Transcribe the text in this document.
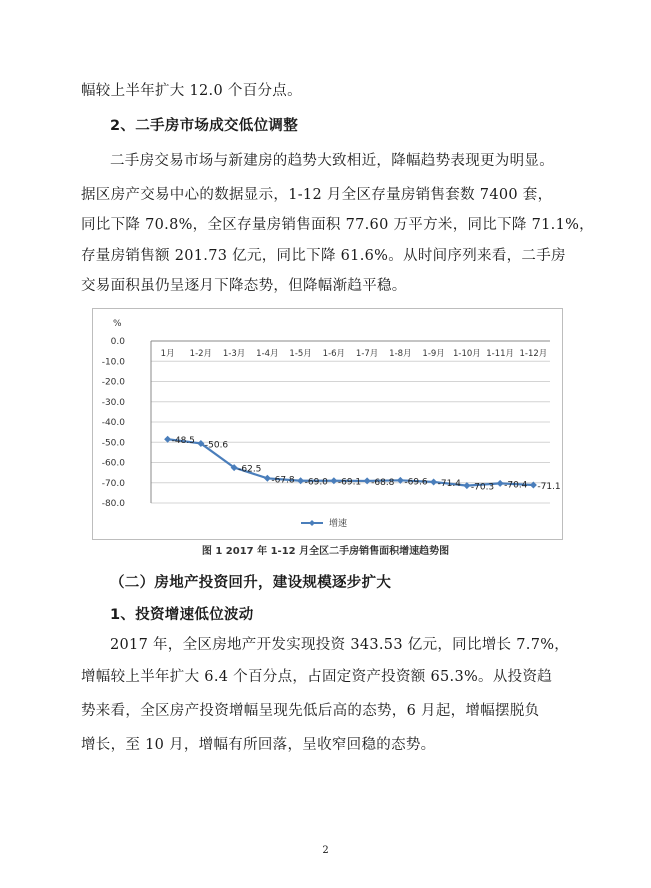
幅较上半年扩大 12.0 个百分点。

2、二手房市场成交低位调整

二手房交易市场与新建房的趋势大致相近，降幅趋势表现更为明显。

据区房产交易中心的数据显示，1-12 月全区存量房销售套数 7400 套，

同比下降 70.8%，全区存量房销售面积 77.60 万平方米，同比下降 71.1%，

存量房销售额 201.73 亿元，同比下降 61.6%。从时间序列来看，二手房

交易面积虽仍呈逐月下降态势，但降幅渐趋平稳。

%
0.0
-10.0
-20.0
-30.0
-40.0
-50.0
-60.0
-70.0
-80.0
1月 1-2月 1-3月 1-4月 1-5月 1-6月 1-7月 1-8月 1-9月 1-10月 1-11月 1-12月
-48.5 -50.6
-62.5
-67.8 -69.0 -69.1 -68.8 -69.6 -71.4 -70.3 -70.4 -71.1
增速
图 1 2017 年 1-12 月全区二手房销售面积增速趋势图

（二）房地产投资回升，建设规模逐步扩大

1、投资增速低位波动

2017 年，全区房地产开发实现投资 343.53 亿元，同比增长 7.7%，

增幅较上半年扩大 6.4 个百分点，占固定资产投资额 65.3%。从投资趋

势来看，全区房产投资增幅呈现先低后高的态势，6 月起，增幅摆脱负

增长，至 10 月，增幅有所回落，呈收窄回稳的态势。

2
